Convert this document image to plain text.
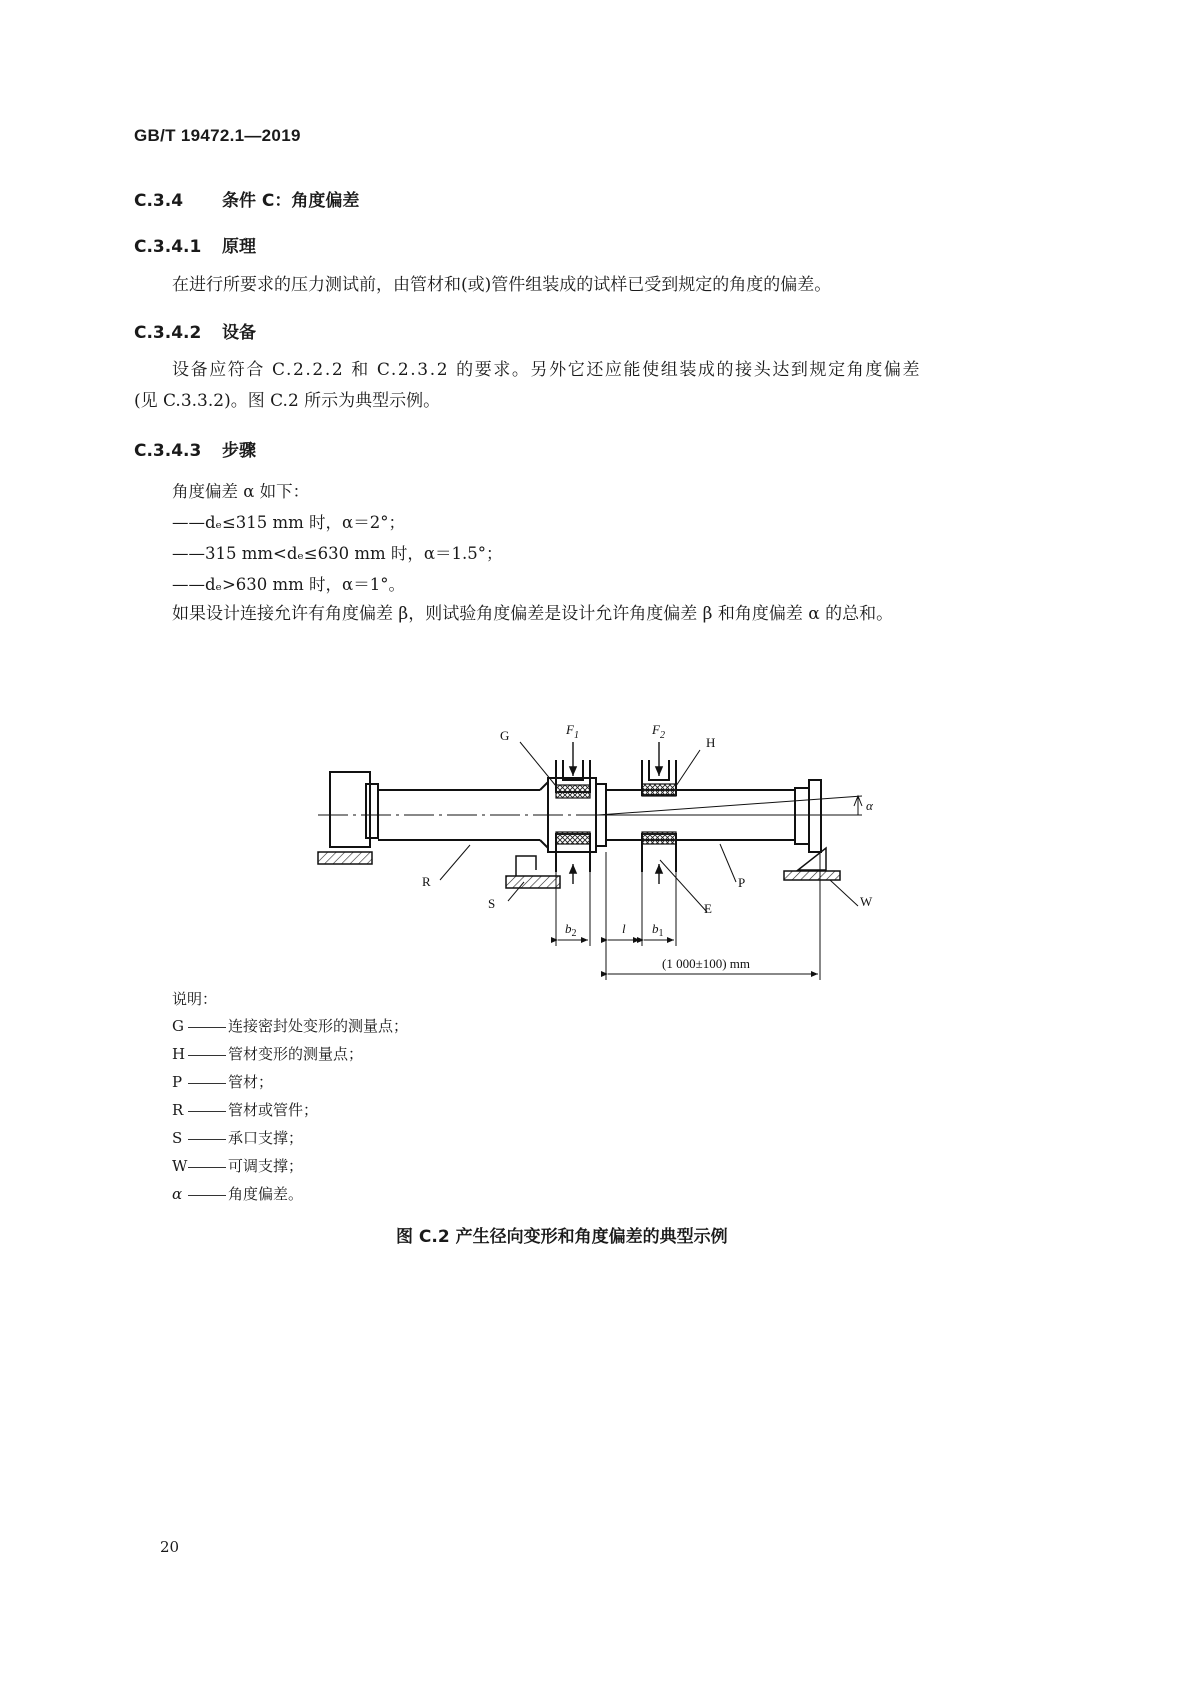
GB/T 19472.1—2019
C.3.4 条件 C：角度偏差
C.3.4.1 原理
在进行所要求的压力测试前，由管材和(或)管件组装成的试样已受到规定的角度的偏差。
C.3.4.2 设备
设备应符合 C.2.2.2 和 C.2.3.2 的要求。另外它还应能使组装成的接头达到规定角度偏差
(见 C.3.3.2)。图 C.2 所示为典型示例。
C.3.4.3 步骤
角度偏差 α 如下：
——dₑ≤315 mm 时，α＝2°；
——315 mm<dₑ≤630 mm 时，α＝1.5°；
——dₑ>630 mm 时，α＝1°。
如果设计连接允许有角度偏差 β，则试验角度偏差是设计允许角度偏差 β 和角度偏差 α 的总和。
G	$F_1$	$F_2$	H
α
R	P
S	E	W
$b_2$	l $b_1$
(1 000±100) mm
说明：
G	连接密封处变形的测量点；
H	管材变形的测量点；
P	管材；
R	管材或管件；
S	承口支撑；
W	可调支撑；
α	角度偏差。
图 C.2 产生径向变形和角度偏差的典型示例
20
